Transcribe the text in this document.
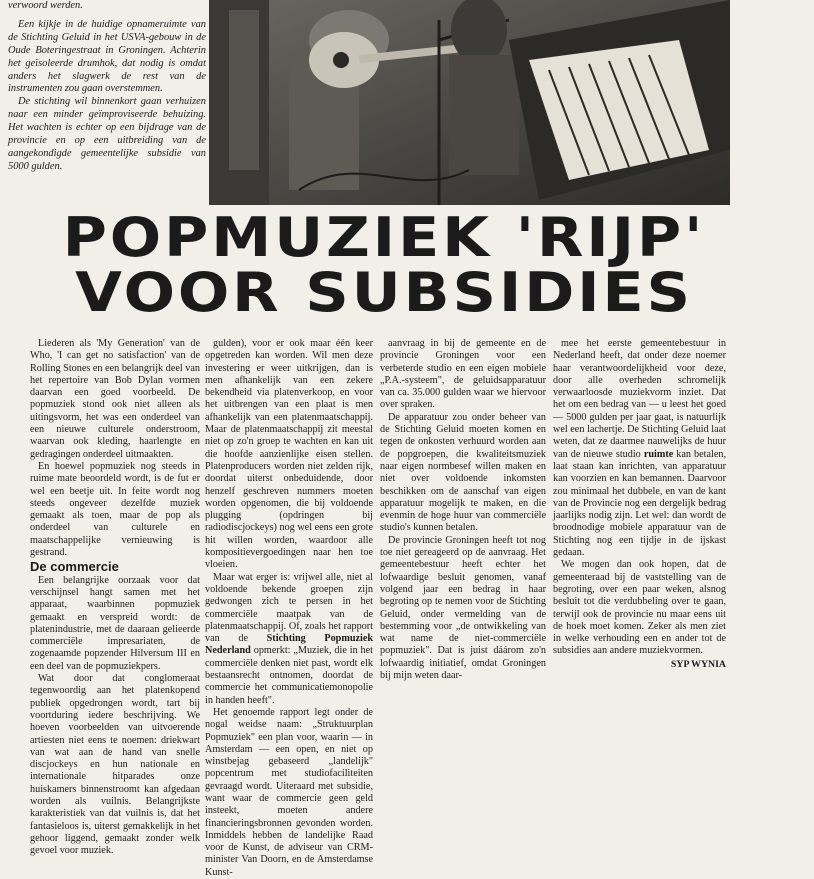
verwoord werden.

Een kijkje in de huidige opnameruimte van de Stichting Geluid in het USVA-gebouw in de Oude Boteringestraat in Groningen. Achterin het geïsoleerde drumhok, dat nodig is omdat anders het slagwerk de rest van de instrumenten zou gaan overstemmen.

De stichting wil binnenkort gaan verhuizen naar een minder geïmproviseerde behuizing. Het wachten is echter op een bijdrage van de provincie en op een uitbreiding van de aangekondigde gemeentelijke subsidie van 5000 gulden.

POPMUZIEK 'RIJP'
VOOR SUBSIDIES

Liederen als 'My Generation' van de Who, 'I can get no satisfaction' van de Rolling Stones en een belangrijk deel van het repertoire van Bob Dylan vormen daarvan een goed voorbeeld. De popmuziek stond ook niet alleen als uitingsvorm, het was een onderdeel van een nieuwe culturele onderstroom, waarvan ook kleding, haarlengte en gedragingen onderdeel uitmaakten.

En hoewel popmuziek nog steeds in ruime mate beoordeld wordt, is de fut er wel een beetje uit. In feite wordt nog steeds ongeveer dezelfde muziek gemaakt als toen, maar de pop als onderdeel van culturele en maatschappelijke vernieuwing is gestrand.

De commercie

Een belangrijke oorzaak voor dat verschijnsel hangt samen met het apparaat, waarbinnen popmuziek gemaakt en verspreid wordt: de platenindustrie, met de daaraan gelieerde commerciële impresariaten, de zogenaamde popzender Hilversum III en een deel van de popmuziekpers.

Wat door dat conglomeraat tegenwoordig aan het platenkopend publiek opgedrongen wordt, tart bij voortduring iedere beschrijving. We hoeven voorbeelden van uitvoerende artiesten niet eens te noemen: driekwart van wat aan de hand van snelle discjockeys en hun nationale en internationale hitparades onze huiskamers binnenstroomt kan afgedaan worden als vuilnis. Belangrijkste karakteristiek van dat vuilnis is, dat het fantasieloos is, uiterst gemakkelijk in het gehoor liggend, gemaakt zonder welk gevoel voor muziek.

gulden), voor er ook maar één keer opgetreden kan worden. Wil men deze investering er weer uitkrijgen, dan is men afhankelijk van een zekere bekendheid via platenverkoop, en voor het uitbrengen van een plaat is men afhankelijk van een platenmaatschappij. Maar de platenmaatschappij zit meestal niet op zo'n groep te wachten en kan uit die hoofde aanzienlijke eisen stellen. Platenproducers worden niet zelden rijk, doordat uiterst onbeduidende, door henzelf geschreven nummers moeten worden opgenomen, die bij voldoende plugging (opdringen bij radiodiscjockeys) nog wel eens een grote hit willen worden, waardoor alle kompositievergoedingen naar hen toe vloeien.

Maar wat erger is: vrijwel alle, niet al voldoende bekende groepen zijn gedwongen zich te persen in het commerciële maatpak van de platenmaatschappij. Of, zoals het rapport van de Stichting Popmuziek Nederland opmerkt: „Muziek, die in het commerciële denken niet past, wordt elk bestaansrecht ontnomen, doordat de commercie het communicatiemonopolie in handen heeft".

Het genoemde rapport legt onder de nogal weidse naam: „Struktuurplan Popmuziek" een plan voor, waarin — in Amsterdam — een open, en niet op winstbejag gebaseerd „landelijk" popcentrum met studiofaciliteiten gevraagd wordt. Uiteraard met subsidie, want waar de commercie geen geld insteekt, moeten andere financieringsbronnen gevonden worden. Inmiddels hebben de landelijke Raad voor de Kunst, de adviseur van CRM-minister Van Doorn, en de Amsterdamse Kunst-

aanvraag in bij de gemeente en de provincie Groningen voor een verbeterde studio en een eigen mobiele „P.A.-systeem", de geluidsapparatuur van ca. 35.000 gulden waar we hiervoor over spraken.

De apparatuur zou onder beheer van de Stichting Geluid moeten komen en tegen de onkosten verhuurd worden aan de popgroepen, die kwaliteitsmuziek naar eigen normbesef willen maken en niet over voldoende inkomsten beschikken om de aanschaf van eigen apparatuur mogelijk te maken, en die evenmin de hoge huur van commerciële studio's kunnen betalen.

De provincie Groningen heeft tot nog toe niet gereageerd op de aanvraag. Het gemeentebestuur heeft echter het lofwaardige besluit genomen, vanaf volgend jaar een bedrag in haar begroting op te nemen voor de Stichting Geluid, onder vermelding van de bestemming voor „de ontwikkeling van wat name de niet-commerciële popmuziek". Dat is juist dáárom zo'n lofwaardig initiatief, omdat Groningen bij mijn weten daar-

mee het eerste gemeentebestuur in Nederland heeft, dat onder deze noemer haar verantwoordelijkheid voor deze, door alle overheden schromelijk verwaarloosde muziekvorm inziet. Dat het om een bedrag van — u leest het goed — 5000 gulden per jaar gaat, is natuurlijk wel een lachertje. De Stichting Geluid laat weten, dat ze daarmee nauwelijks de huur van de nieuwe studio ruimte kan betalen, laat staan kan inrichten, van apparatuur kan voorzien en kan bemannen. Daarvoor zou minimaal het dubbele, en van de kant van de Provincie nog een dergelijk bedrag jaarlijks nodig zijn. Let wel: dan wordt de broodnodige mobiele apparatuur van de Stichting nog een tijdje in de ijskast gedaan.

We mogen dan ook hopen, dat de gemeenteraad bij de vaststelling van de begroting, over een paar weken, alsnog besluit tot die verdubbeling over te gaan, terwijl ook de provincie nu maar eens uit de hoek moet komen. Zeker als men ziet in welke verhouding een en ander tot de subsidies aan andere muziekvormen.

SYP WYNIA
